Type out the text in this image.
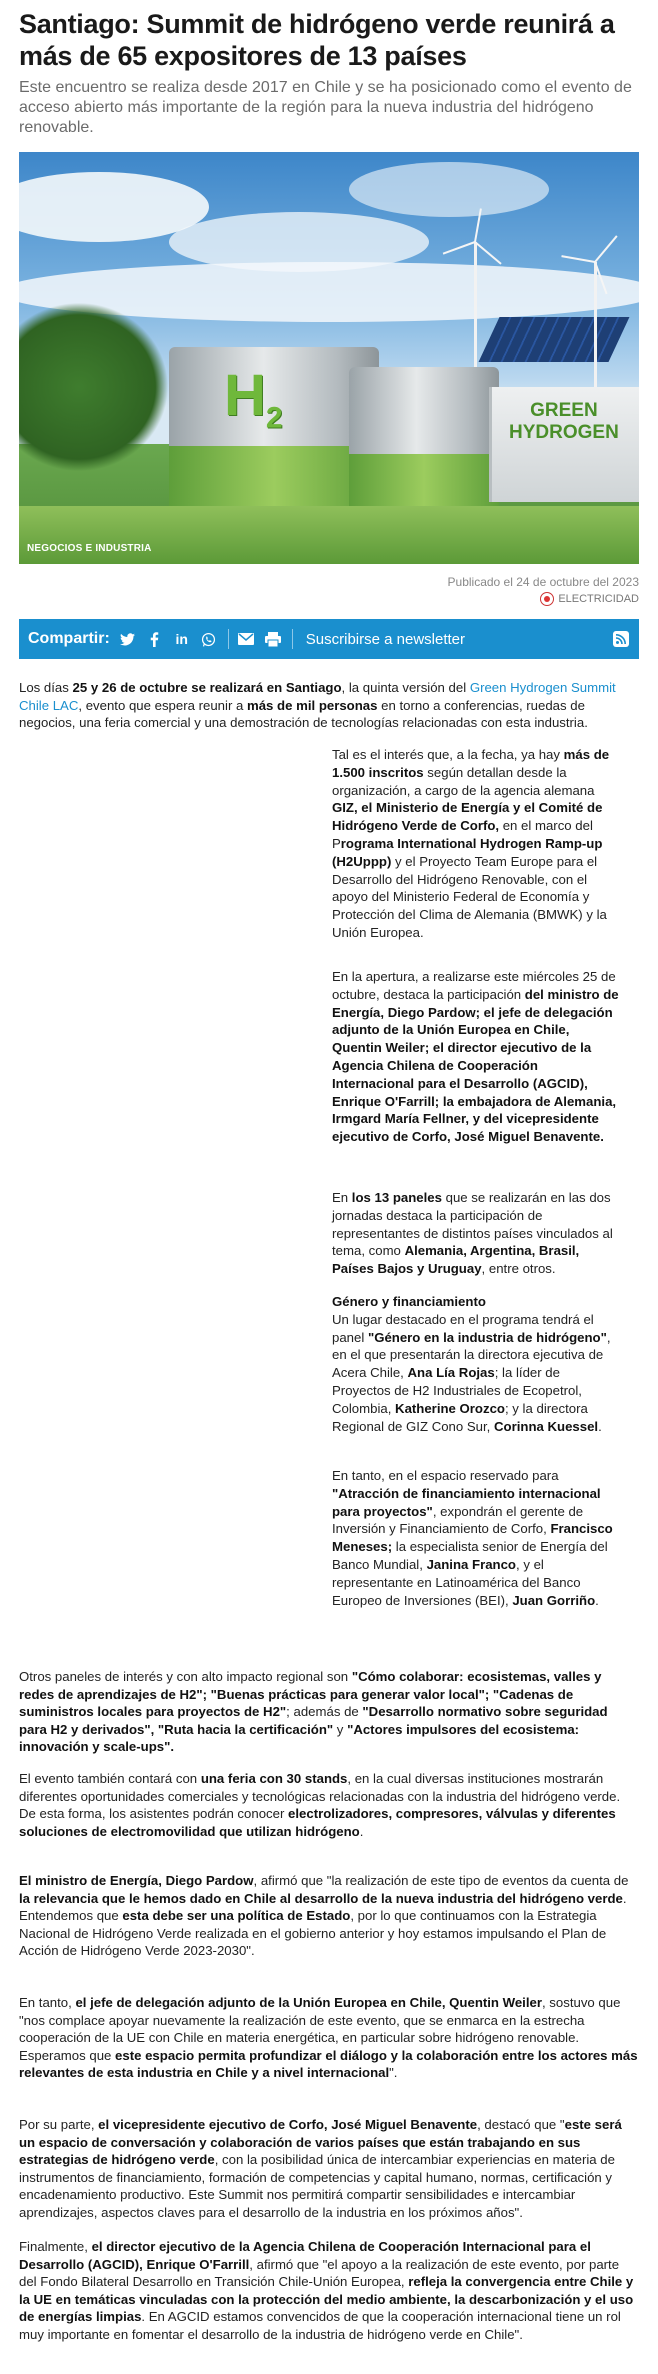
Santiago: Summit de hidrógeno verde reunirá a más de 65 expositores de 13 países
Este encuentro se realiza desde 2017 en Chile y se ha posicionado como el evento de acceso abierto más importante de la región para la nueva industria del hidrógeno renovable.
$H_2$	GREEN
HYDROGEN
NEGOCIOS E INDUSTRIA
Publicado el 24 de octubre del 2023
ELECTRICIDAD
Compartir:	in	Suscribirse a newsletter

Los días 25 y 26 de octubre se realizará en Santiago, la quinta versión del Green Hydrogen Summit Chile LAC, evento que espera reunir a más de mil personas en torno a conferencias, ruedas de negocios, una feria comercial y una demostración de tecnologías relacionadas con esta industria.

Tal es el interés que, a la fecha, ya hay más de 1.500 inscritos según detallan desde la organización, a cargo de la agencia alemana GIZ, el Ministerio de Energía y el Comité de Hidrógeno Verde de Corfo, en el marco del Programa International Hydrogen Ramp-up (H2Uppp) y el Proyecto Team Europe para el Desarrollo del Hidrógeno Renovable, con el apoyo del Ministerio Federal de Economía y Protección del Clima de Alemania (BMWK) y la Unión Europea.

En la apertura, a realizarse este miércoles 25 de octubre, destaca la participación del ministro de Energía, Diego Pardow; el jefe de delegación adjunto de la Unión Europea en Chile, Quentin Weiler; el director ejecutivo de la Agencia Chilena de Cooperación Internacional para el Desarrollo (AGCID), Enrique O'Farrill; la embajadora de Alemania, Irmgard María Fellner, y del vicepresidente ejecutivo de Corfo, José Miguel Benavente.

En los 13 paneles que se realizarán en las dos jornadas destaca la participación de representantes de distintos países vinculados al tema, como Alemania, Argentina, Brasil, Países Bajos y Uruguay, entre otros.

Género y financiamiento
Un lugar destacado en el programa tendrá el panel "Género en la industria de hidrógeno", en el que presentarán la directora ejecutiva de Acera Chile, Ana Lía Rojas; la líder de Proyectos de H2 Industriales de Ecopetrol, Colombia, Katherine Orozco; y la directora Regional de GIZ Cono Sur, Corinna Kuessel.

En tanto, en el espacio reservado para "Atracción de financiamiento internacional para proyectos", expondrán el gerente de Inversión y Financiamiento de Corfo, Francisco Meneses; la especialista senior de Energía del Banco Mundial, Janina Franco, y el representante en Latinoamérica del Banco Europeo de Inversiones (BEI), Juan Gorriño.

Otros paneles de interés y con alto impacto regional son "Cómo colaborar: ecosistemas, valles y redes de aprendizajes de H2"; "Buenas prácticas para generar valor local"; "Cadenas de suministros locales para proyectos de H2"; además de "Desarrollo normativo sobre seguridad para H2 y derivados", "Ruta hacia la certificación" y "Actores impulsores del ecosistema: innovación y scale-ups".

El evento también contará con una feria con 30 stands, en la cual diversas instituciones mostrarán diferentes oportunidades comerciales y tecnológicas relacionadas con la industria del hidrógeno verde. De esta forma, los asistentes podrán conocer electrolizadores, compresores, válvulas y diferentes soluciones de electromovilidad que utilizan hidrógeno.

El ministro de Energía, Diego Pardow, afirmó que "la realización de este tipo de eventos da cuenta de la relevancia que le hemos dado en Chile al desarrollo de la nueva industria del hidrógeno verde. Entendemos que esta debe ser una política de Estado, por lo que continuamos con la Estrategia Nacional de Hidrógeno Verde realizada en el gobierno anterior y hoy estamos impulsando el Plan de Acción de Hidrógeno Verde 2023-2030".

En tanto, el jefe de delegación adjunto de la Unión Europea en Chile, Quentin Weiler, sostuvo que "nos complace apoyar nuevamente la realización de este evento, que se enmarca en la estrecha cooperación de la UE con Chile en materia energética, en particular sobre hidrógeno renovable. Esperamos que este espacio permita profundizar el diálogo y la colaboración entre los actores más relevantes de esta industria en Chile y a nivel internacional".

Por su parte, el vicepresidente ejecutivo de Corfo, José Miguel Benavente, destacó que "este será un espacio de conversación y colaboración de varios países que están trabajando en sus estrategias de hidrógeno verde, con la posibilidad única de intercambiar experiencias en materia de instrumentos de financiamiento, formación de competencias y capital humano, normas, certificación y encadenamiento productivo. Este Summit nos permitirá compartir sensibilidades e intercambiar aprendizajes, aspectos claves para el desarrollo de la industria en los próximos años".

Finalmente, el director ejecutivo de la Agencia Chilena de Cooperación Internacional para el Desarrollo (AGCID), Enrique O'Farrill, afirmó que "el apoyo a la realización de este evento, por parte del Fondo Bilateral Desarrollo en Transición Chile-Unión Europea, refleja la convergencia entre Chile y la UE en temáticas vinculadas con la protección del medio ambiente, la descarbonización y el uso de energías limpias. En AGCID estamos convencidos de que la cooperación internacional tiene un rol muy importante en fomentar el desarrollo de la industria de hidrógeno verde en Chile".
